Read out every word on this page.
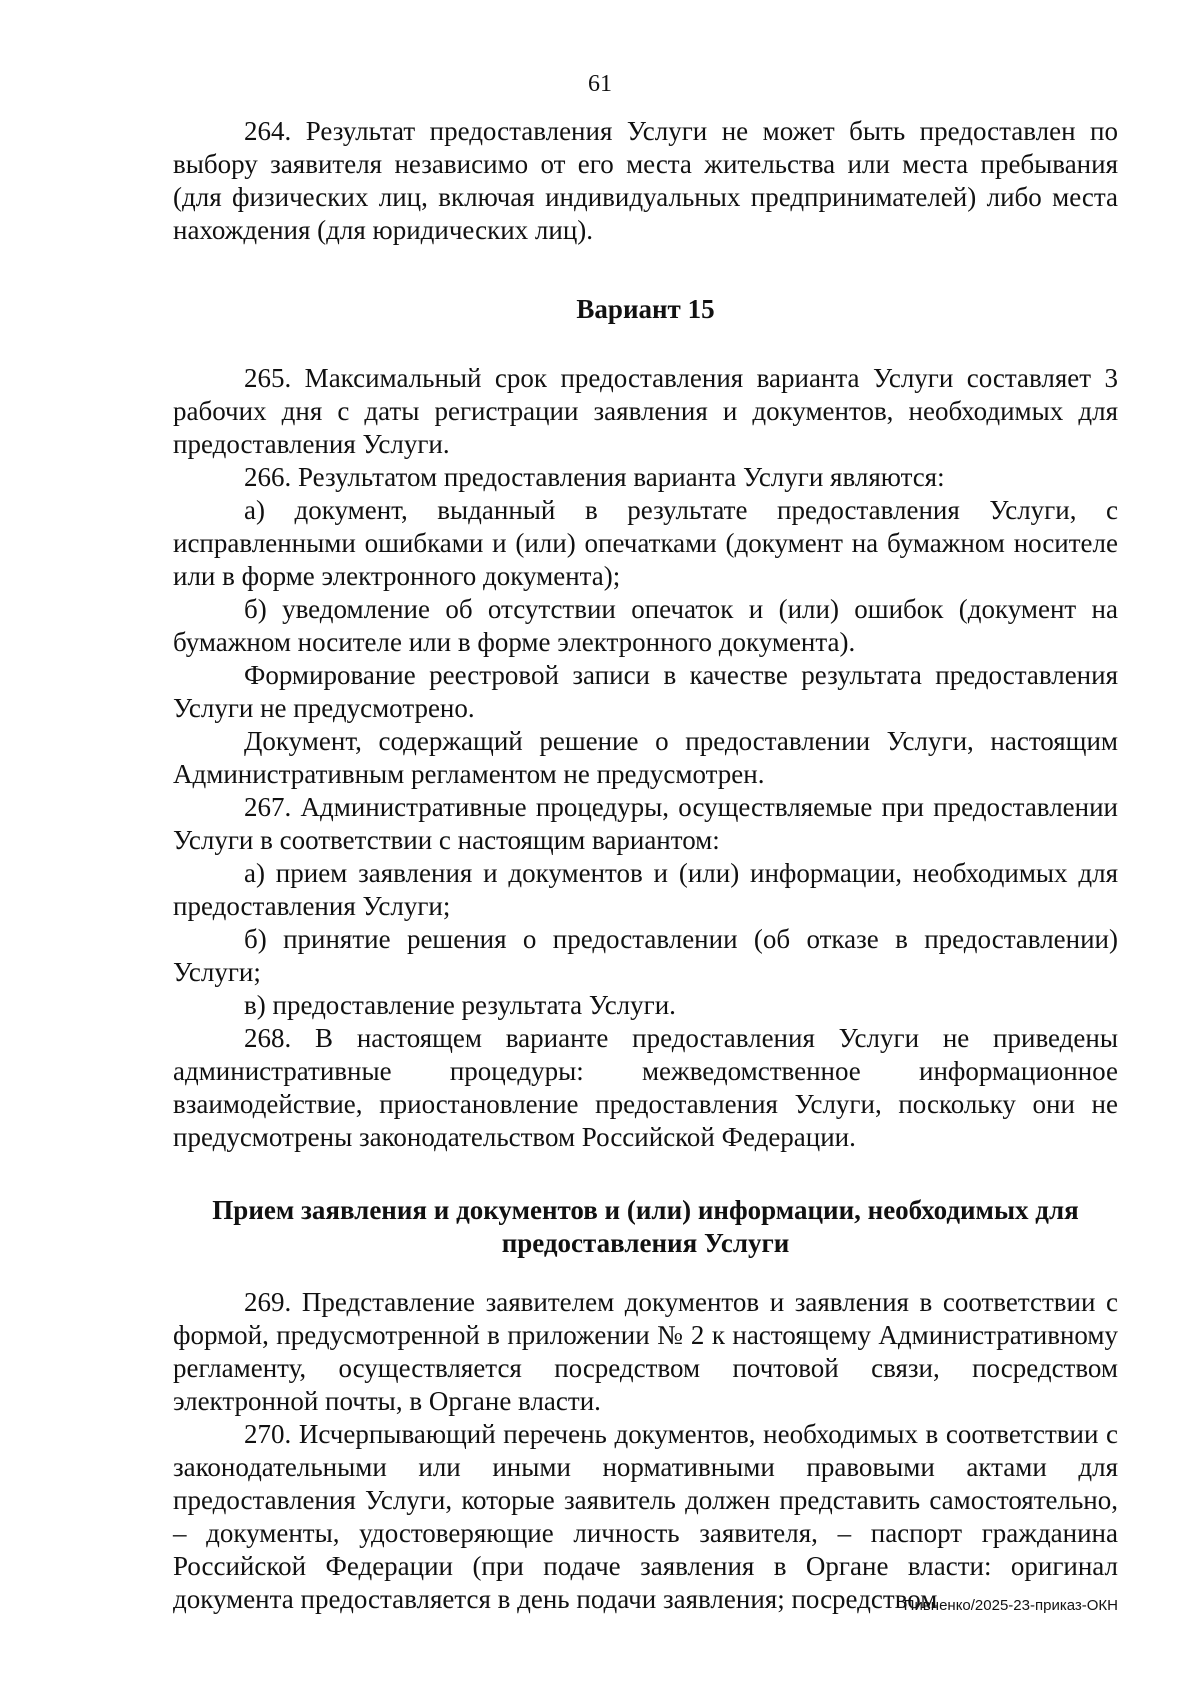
61

264. Результат предоставления Услуги не может быть предоставлен по выбору заявителя независимо от его места жительства или места пребывания (для физических лиц, включая индивидуальных предпринимателей) либо места нахождения (для юридических лиц).

Вариант 15

265. Максимальный срок предоставления варианта Услуги составляет 3 рабочих дня с даты регистрации заявления и документов, необходимых для предоставления Услуги.

266. Результатом предоставления варианта Услуги являются:

а) документ, выданный в результате предоставления Услуги, с исправленными ошибками и (или) опечатками (документ на бумажном носителе или в форме электронного документа);

б) уведомление об отсутствии опечаток и (или) ошибок (документ на бумажном носителе или в форме электронного документа).

Формирование реестровой записи в качестве результата предоставления Услуги не предусмотрено.

Документ, содержащий решение о предоставлении Услуги, настоящим Административным регламентом не предусмотрен.

267. Административные процедуры, осуществляемые при предоставлении Услуги в соответствии с настоящим вариантом:

а) прием заявления и документов и (или) информации, необходимых для предоставления Услуги;

б) принятие решения о предоставлении (об отказе в предоставлении) Услуги;

в) предоставление результата Услуги.

268. В настоящем варианте предоставления Услуги не приведены административные процедуры: межведомственное информационное взаимодействие, приостановление предоставления Услуги, поскольку они не предусмотрены законодательством Российской Федерации.

Прием заявления и документов и (или) информации, необходимых для предоставления Услуги

269. Представление заявителем документов и заявления в соответствии с формой, предусмотренной в приложении № 2 к настоящему Административному регламенту, осуществляется посредством почтовой связи, посредством электронной почты, в Органе власти.

270. Исчерпывающий перечень документов, необходимых в соответствии с законодательными или иными нормативными правовыми актами для предоставления Услуги, которые заявитель должен представить самостоятельно, – документы, удостоверяющие личность заявителя, – паспорт гражданина Российской Федерации (при подаче заявления в Органе власти: оригинал документа предоставляется в день подачи заявления; посредством

Пивненко/2025-23-приказ-ОКН
